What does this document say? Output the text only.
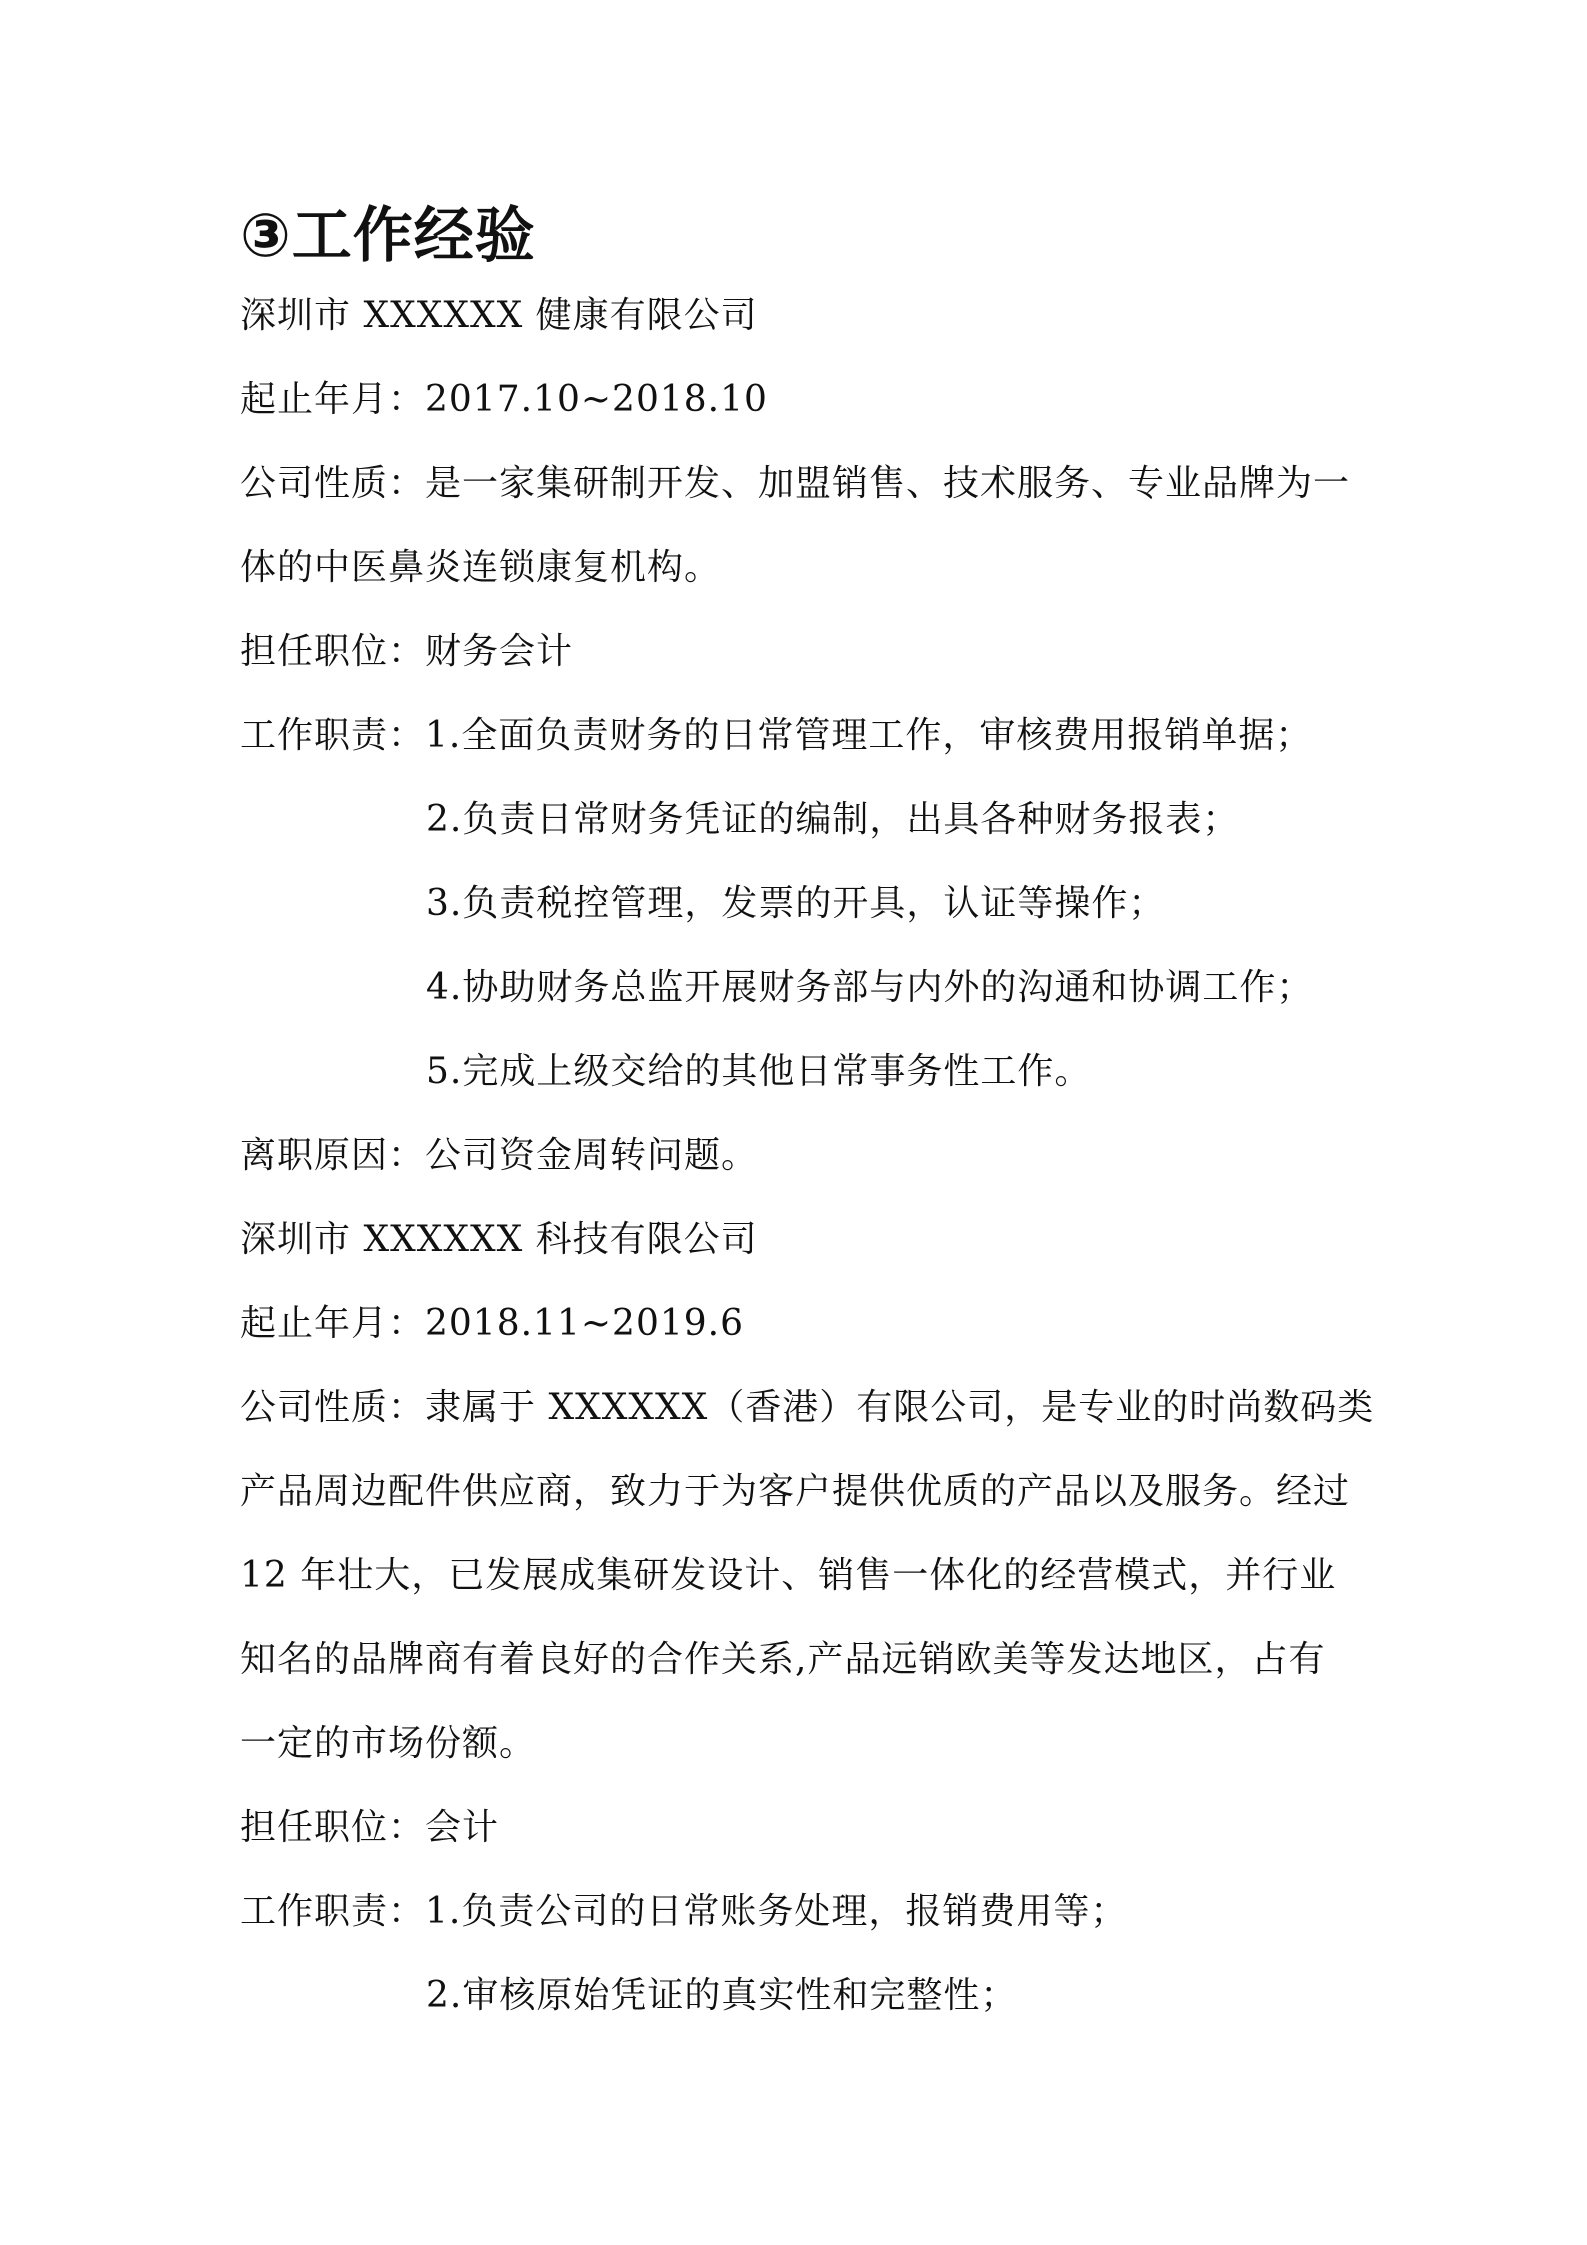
③工作经验
深圳市 XXXXXX 健康有限公司
起止年月：2017.10~2018.10
公司性质：是一家集研制开发、加盟销售、技术服务、专业品牌为一
体的中医鼻炎连锁康复机构。
担任职位：财务会计
工作职责：1.全面负责财务的日常管理工作，审核费用报销单据；
2.负责日常财务凭证的编制，出具各种财务报表；
3.负责税控管理，发票的开具，认证等操作；
4.协助财务总监开展财务部与内外的沟通和协调工作；
5.完成上级交给的其他日常事务性工作。
离职原因：公司资金周转问题。
深圳市 XXXXXX 科技有限公司
起止年月：2018.11~2019.6
公司性质：隶属于 XXXXXX（香港）有限公司，是专业的时尚数码类
产品周边配件供应商，致力于为客户提供优质的产品以及服务。经过
12 年壮大，已发展成集研发设计、销售一体化的经营模式，并行业
知名的品牌商有着良好的合作关系,产品远销欧美等发达地区，占有
一定的市场份额。
担任职位：会计
工作职责：1.负责公司的日常账务处理，报销费用等；
2.审核原始凭证的真实性和完整性；
